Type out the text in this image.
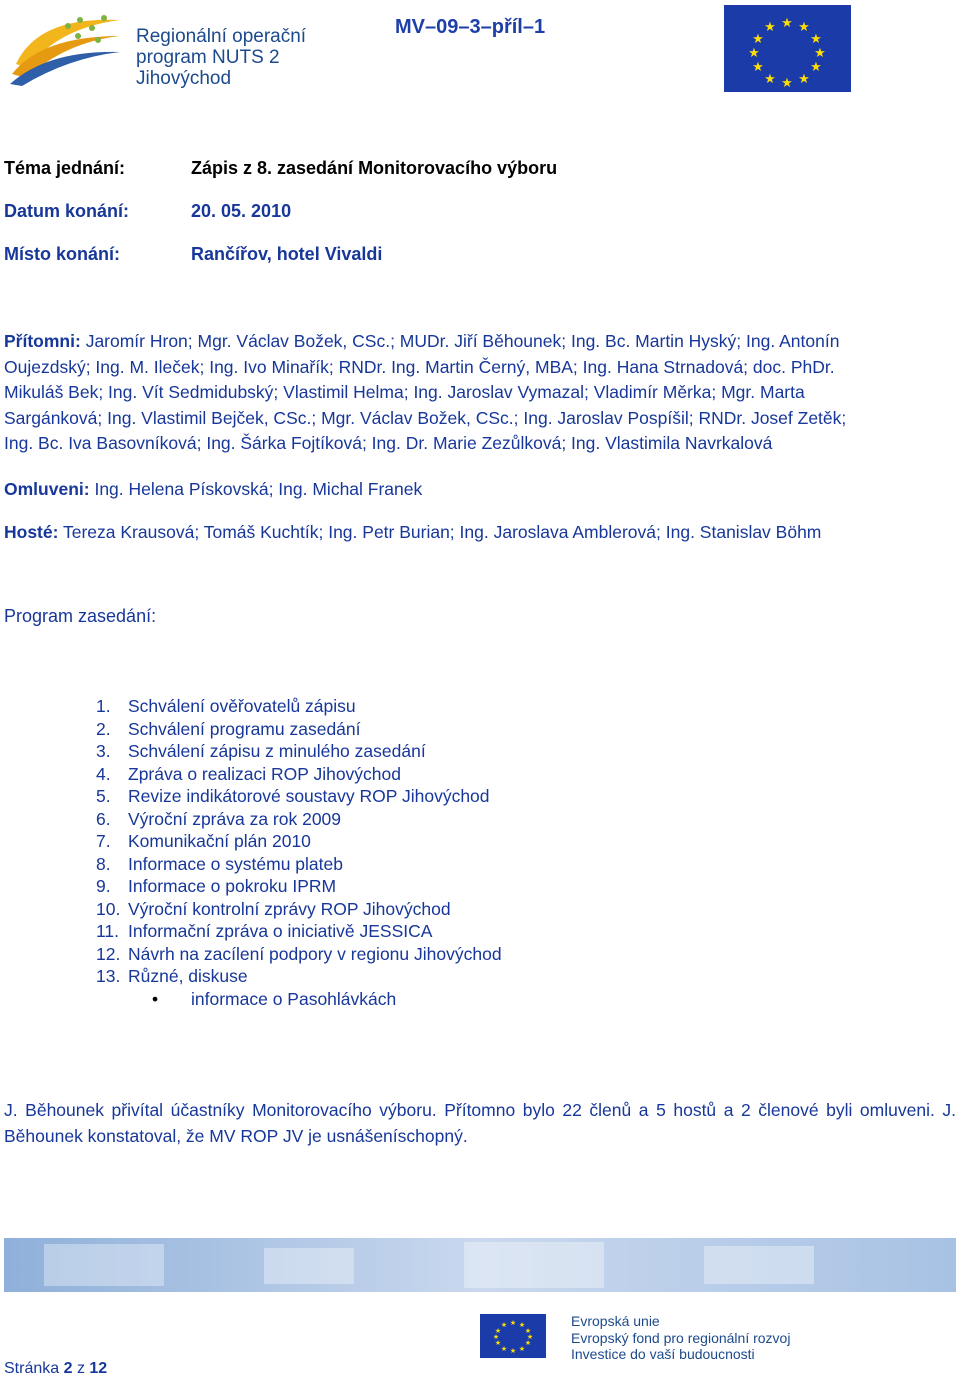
Regionální operační
program NUTS 2
Jihovýchod
MV–09–3–příl–1	★ ★
★
★
★
★
★
★
★
★
★
★
Téma jednání:	Zápis z 8. zasedání Monitorovacího výboru
Datum konání:	20. 05. 2010
Místo konání:	Rančířov, hotel Vivaldi
Přítomni: Jaromír Hron; Mgr. Václav Božek, CSc.; MUDr. Jiří Běhounek; Ing. Bc. Martin Hyský; Ing. Antonín
Oujezdský; Ing. M. Ileček; Ing. Ivo Minařík; RNDr. Ing. Martin Černý, MBA; Ing. Hana Strnadová; doc. PhDr.
Mikuláš Bek; Ing. Vít Sedmidubský; Vlastimil Helma; Ing. Jaroslav Vymazal; Vladimír Měrka; Mgr. Marta
Sargánková; Ing. Vlastimil Bejček, CSc.; Mgr. Václav Božek, CSc.; Ing. Jaroslav Pospíšil; RNDr. Josef Zetěk;
Ing. Bc. Iva Basovníková; Ing. Šárka Fojtíková; Ing. Dr. Marie Zezůlková; Ing. Vlastimila Navrkalová
Omluveni: Ing. Helena Pískovská; Ing. Michal Franek
Hosté: Tereza Krausová; Tomáš Kuchtík; Ing. Petr Burian; Ing. Jaroslava Amblerová; Ing. Stanislav Böhm
Program zasedání:
1. Schválení ověřovatelů zápisu
2. Schválení programu zasedání
3. Schválení zápisu z minulého zasedání
4. Zpráva o realizaci ROP Jihovýchod
5. Revize indikátorové soustavy ROP Jihovýchod
6. Výroční zpráva za rok 2009
7. Komunikační plán 2010
8. Informace o systému plateb
9. Informace o pokroku IPRM
10. Výroční kontrolní zprávy ROP Jihovýchod
11. Informační zpráva o iniciativě JESSICA
12. Návrh na zacílení podpory v regionu Jihovýchod
13. Různé, diskuse
• informace o Pasohlávkách
J. Běhounek přivítal účastníky Monitorovacího výboru. Přítomno bylo 22 členů a 5 hostů a 2 členové byli omluveni. J. Běhounek konstatoval, že MV ROP JV je usnášeníschopný.
★ ★
★
★
★
★
★
★
★
★
★
★	Evropská unie
Evropský fond pro regionální rozvoj
Investice do vaší budoucnosti
Stránka 2 z 12
